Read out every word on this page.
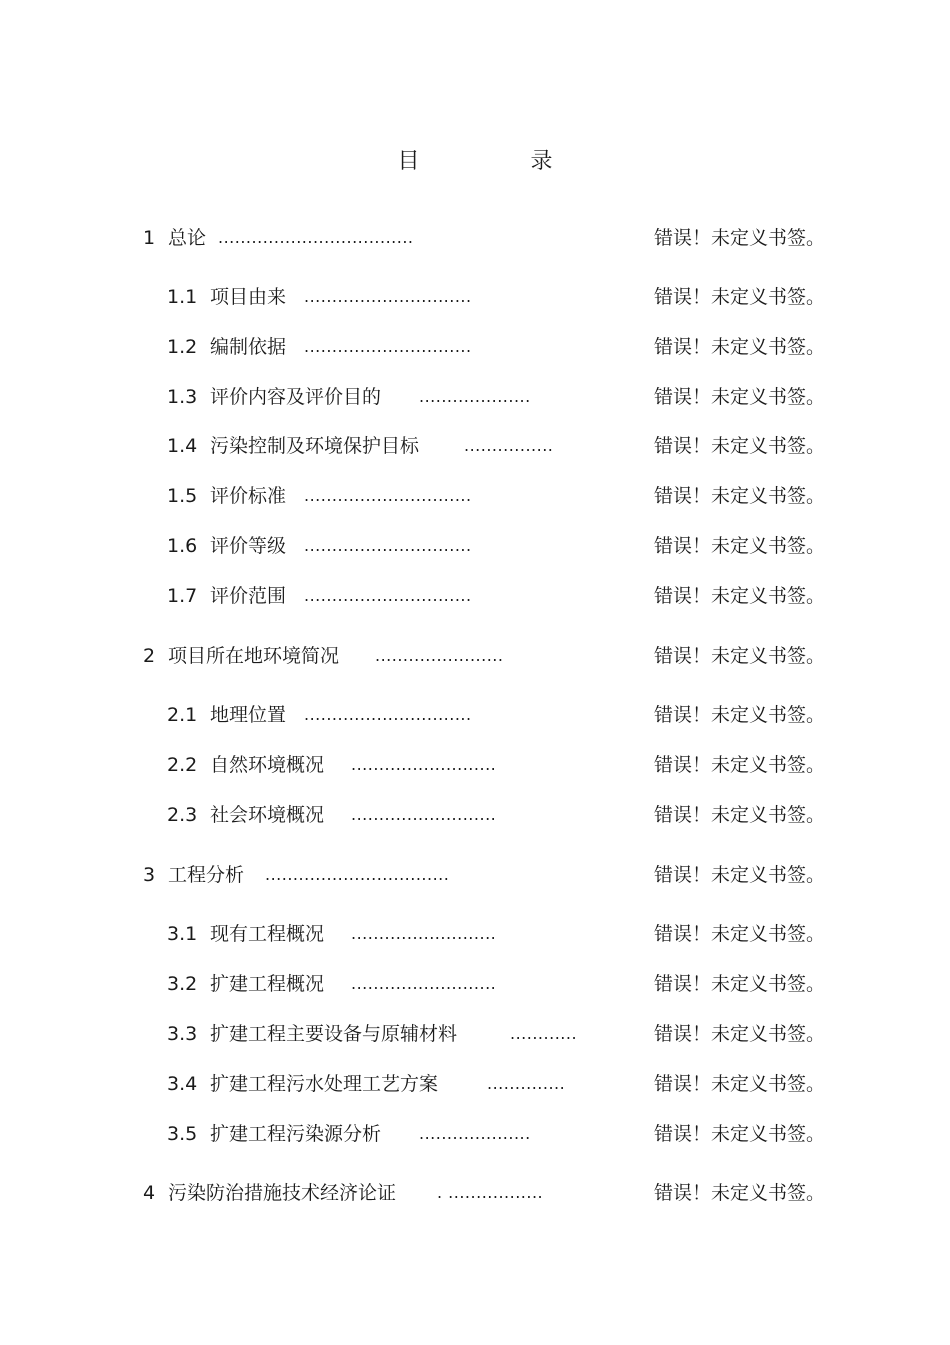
目 录
1 总论 ...................................	错误！未定义书签。
1.1 项目由来 ..............................	错误！未定义书签。
1.2 编制依据 ..............................	错误！未定义书签。
1.3 评价内容及评价目的 ....................	错误！未定义书签。
1.4 污染控制及环境保护目标	................	错误！未定义书签。
1.5 评价标准 ..............................	错误！未定义书签。
1.6 评价等级 ..............................	错误！未定义书签。
1.7 评价范围 ..............................	错误！未定义书签。
2 项目所在地环境简况 .......................	错误！未定义书签。
2.1 地理位置 ..............................	错误！未定义书签。
2.2 自然环境概况 ..........................	错误！未定义书签。
2.3 社会环境概况 ..........................	错误！未定义书签。
3 工程分析 .................................	错误！未定义书签。
3.1 现有工程概况 ..........................	错误！未定义书签。
3.2 扩建工程概况 ..........................	错误！未定义书签。
3.3 扩建工程主要设备与原辅材料	............	错误！未定义书签。
3.4 扩建工程污水处理工艺方案	..............	错误！未定义书签。
3.5 扩建工程污染源分析 ....................	错误！未定义书签。
4 污染防治措施技术经济论证	. .................	错误！未定义书签。
